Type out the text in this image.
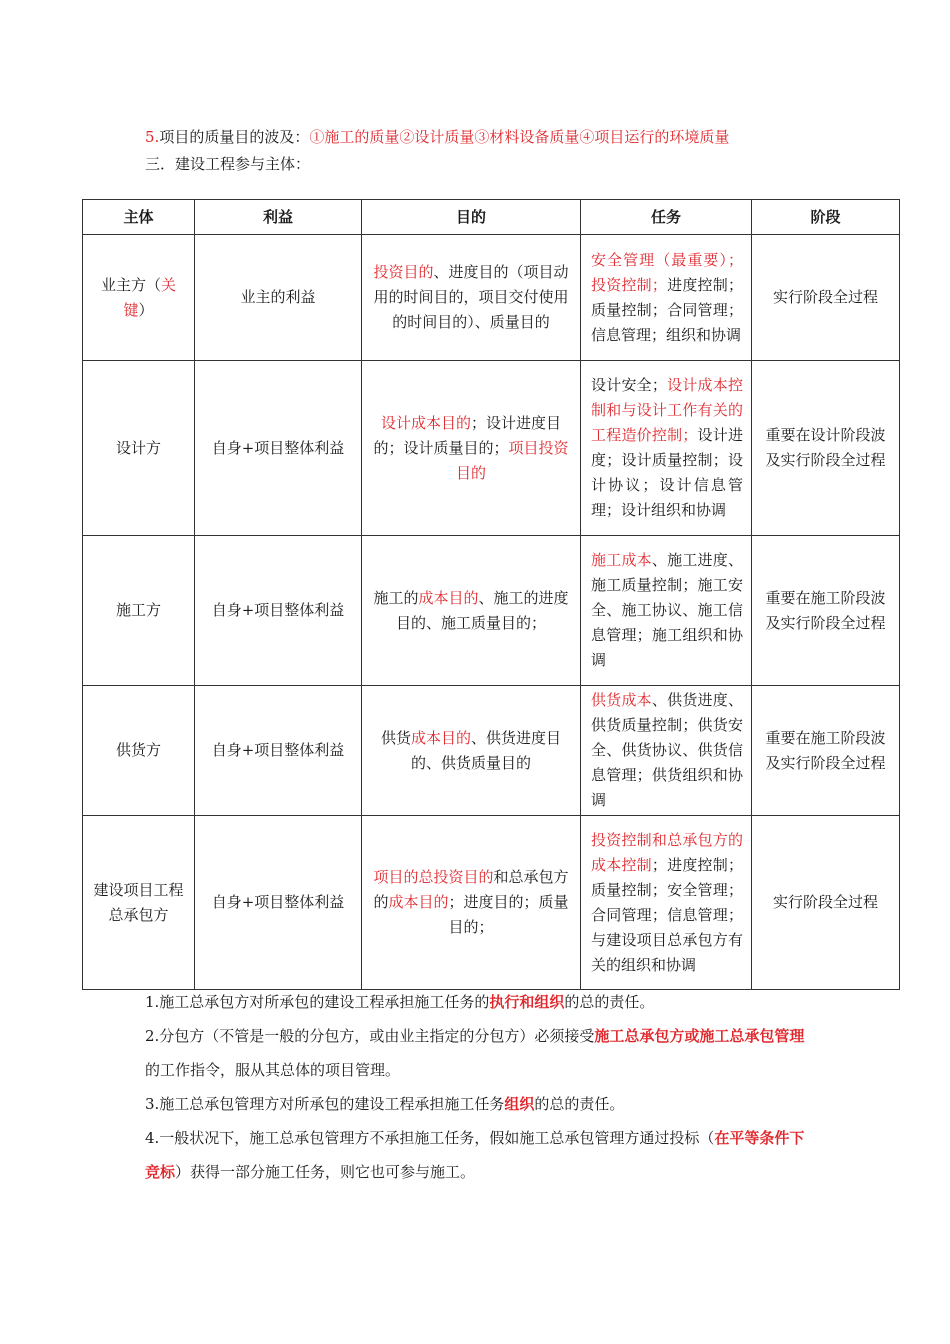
5.项目的质量目的波及：①施工的质量②设计质量③材料设备质量④项目运行的环境质量
三．建设工程参与主体：
主体	利益	目的	任务	阶段
业主方（关键）	业主的利益	投资目的、进度目的（项目动用的时间目的，项目交付使用的时间目的）、质量目的	安全管理（最重要）；投资控制；进度控制；质量控制；合同管理；信息管理；组织和协调	实行阶段全过程
设计方	自身+项目整体利益	设计成本目的；设计进度目的；设计质量目的；项目投资目的	设计安全；设计成本控制和与设计工作有关的工程造价控制；设计进度；设计质量控制；设计协议；设计信息管理；设计组织和协调	重要在设计阶段波及实行阶段全过程
施工方	自身+项目整体利益	施工的成本目的、施工的进度目的、施工质量目的；	施工成本、施工进度、施工质量控制；施工安全、施工协议、施工信息管理；施工组织和协调	重要在施工阶段波及实行阶段全过程
供货方	自身+项目整体利益	供货成本目的、供货进度目的、供货质量目的	供货成本、供货进度、供货质量控制；供货安全、供货协议、供货信息管理；供货组织和协调	重要在施工阶段波及实行阶段全过程
建设项目工程总承包方	自身+项目整体利益	项目的总投资目的和总承包方的成本目的；进度目的；质量目的；	投资控制和总承包方的成本控制；进度控制；质量控制；安全管理；合同管理；信息管理；与建设项目总承包方有关的组织和协调	实行阶段全过程

1.施工总承包方对所承包的建设工程承担施工任务的执行和组织的总的责任。

2.分包方（不管是一般的分包方，或由业主指定的分包方）必须接受施工总承包方或施工总承包管理的工作指令，服从其总体的项目管理。

3.施工总承包管理方对所承包的建设工程承担施工任务组织的总的责任。

4.一般状况下，施工总承包管理方不承担施工任务，假如施工总承包管理方通过投标（在平等条件下竞标）获得一部分施工任务，则它也可参与施工。
